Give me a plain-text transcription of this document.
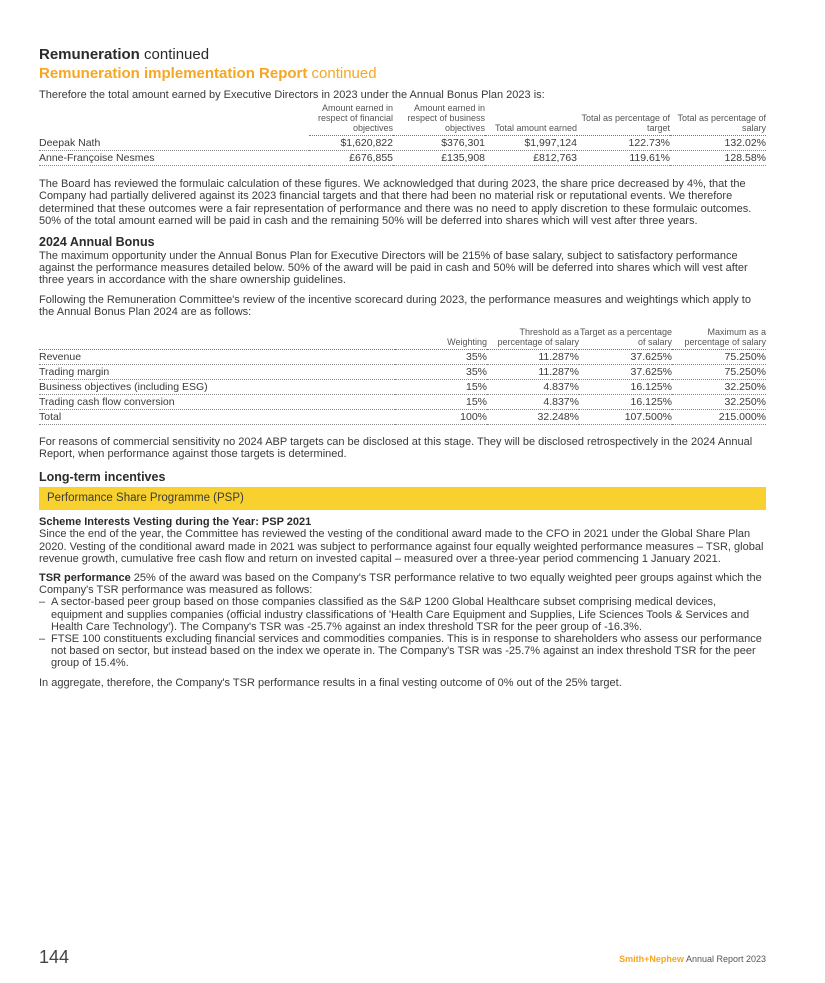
Remuneration continued
Remuneration implementation Report continued

Therefore the total amount earned by Executive Directors in 2023 under the Annual Bonus Plan 2023 is:

	Amount earned in respect of financial objectives	Amount earned in respect of business objectives	Total amount earned	Total as percentage of target	Total as percentage of salary
Deepak Nath	$1,620,822	$376,301	$1,997,124	122.73%	132.02%
Anne-Françoise Nesmes	£676,855	£135,908	£812,763	119.61%	128.58%

The Board has reviewed the formulaic calculation of these figures. We acknowledged that during 2023, the share price decreased by 4%, that the Company had partially delivered against its 2023 financial targets and that there had been no material risk or reputational events. We therefore determined that these outcomes were a fair representation of performance and there was no need to apply discretion to these formulaic outcomes. 50% of the total amount earned will be paid in cash and the remaining 50% will be deferred into shares which will vest after three years.

2024 Annual Bonus

The maximum opportunity under the Annual Bonus Plan for Executive Directors will be 215% of base salary, subject to satisfactory performance against the performance measures detailed below. 50% of the award will be paid in cash and 50% will be deferred into shares which will vest after three years in accordance with the share ownership guidelines.

Following the Remuneration Committee's review of the incentive scorecard during 2023, the performance measures and weightings which apply to the Annual Bonus Plan 2024 are as follows:

	Weighting	Threshold as a percentage of salary	Target as a percentage of salary	Maximum as a percentage of salary
Revenue	35%	11.287%	37.625%	75.250%
Trading margin	35%	11.287%	37.625%	75.250%
Business objectives (including ESG)	15%	4.837%	16.125%	32.250%
Trading cash flow conversion	15%	4.837%	16.125%	32.250%
Total	100%	32.248%	107.500%	215.000%

For reasons of commercial sensitivity no 2024 ABP targets can be disclosed at this stage. They will be disclosed retrospectively in the 2024 Annual Report, when performance against those targets is determined.

Long-term incentives
Performance Share Programme (PSP)
Scheme Interests Vesting during the Year: PSP 2021

Since the end of the year, the Committee has reviewed the vesting of the conditional award made to the CFO in 2021 under the Global Share Plan 2020. Vesting of the conditional award made in 2021 was subject to performance against four equally weighted performance measures – TSR, global revenue growth, cumulative free cash flow and return on invested capital – measured over a three-year period commencing 1 January 2021.

TSR performance 25% of the award was based on the Company's TSR performance relative to two equally weighted peer groups against which the Company's TSR performance was measured as follows:

– A sector-based peer group based on those companies classified as the S&P 1200 Global Healthcare subset comprising medical devices, equipment and supplies companies (official industry classifications of 'Health Care Equipment and Supplies, Life Sciences Tools & Services and Health Care Technology'). The Company's TSR was -25.7% against an index threshold TSR for the peer group of -16.3%.
– FTSE 100 constituents excluding financial services and commodities companies. This is in response to shareholders who assess our performance not based on sector, but instead based on the index we operate in. The Company's TSR was -25.7% against an index threshold TSR for the peer group of 15.4%.

In aggregate, therefore, the Company's TSR performance results in a final vesting outcome of 0% out of the 25% target.

144	Smith+Nephew Annual Report 2023
